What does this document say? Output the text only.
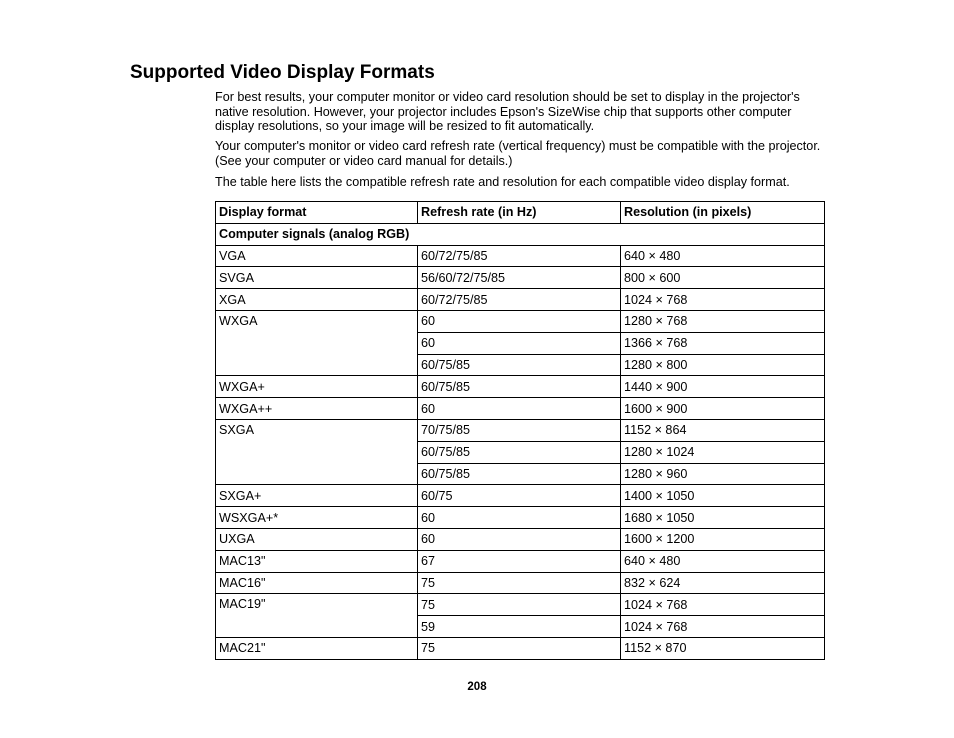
Supported Video Display Formats

For best results, your computer monitor or video card resolution should be set to display in the projector's native resolution. However, your projector includes Epson's SizeWise chip that supports other computer display resolutions, so your image will be resized to fit automatically.

Your computer's monitor or video card refresh rate (vertical frequency) must be compatible with the projector. (See your computer or video card manual for details.)

The table here lists the compatible refresh rate and resolution for each compatible video display format.

Display format	Refresh rate (in Hz)	Resolution (in pixels)
Computer signals (analog RGB)		
VGA	60/72/75/85	640 × 480
SVGA	56/60/72/75/85	800 × 600
XGA	60/72/75/85	1024 × 768
WXGA	60	1280 × 768
	60	1366 × 768
	60/75/85	1280 × 800
WXGA+	60/75/85	1440 × 900
WXGA++	60	1600 × 900
SXGA	70/75/85	1152 × 864
	60/75/85	1280 × 1024
	60/75/85	1280 × 960
SXGA+	60/75	1400 × 1050
WSXGA+*	60	1680 × 1050
UXGA	60	1600 × 1200
MAC13"	67	640 × 480
MAC16"	75	832 × 624
MAC19"	75	1024 × 768
	59	1024 × 768
MAC21"	75	1152 × 870
208
